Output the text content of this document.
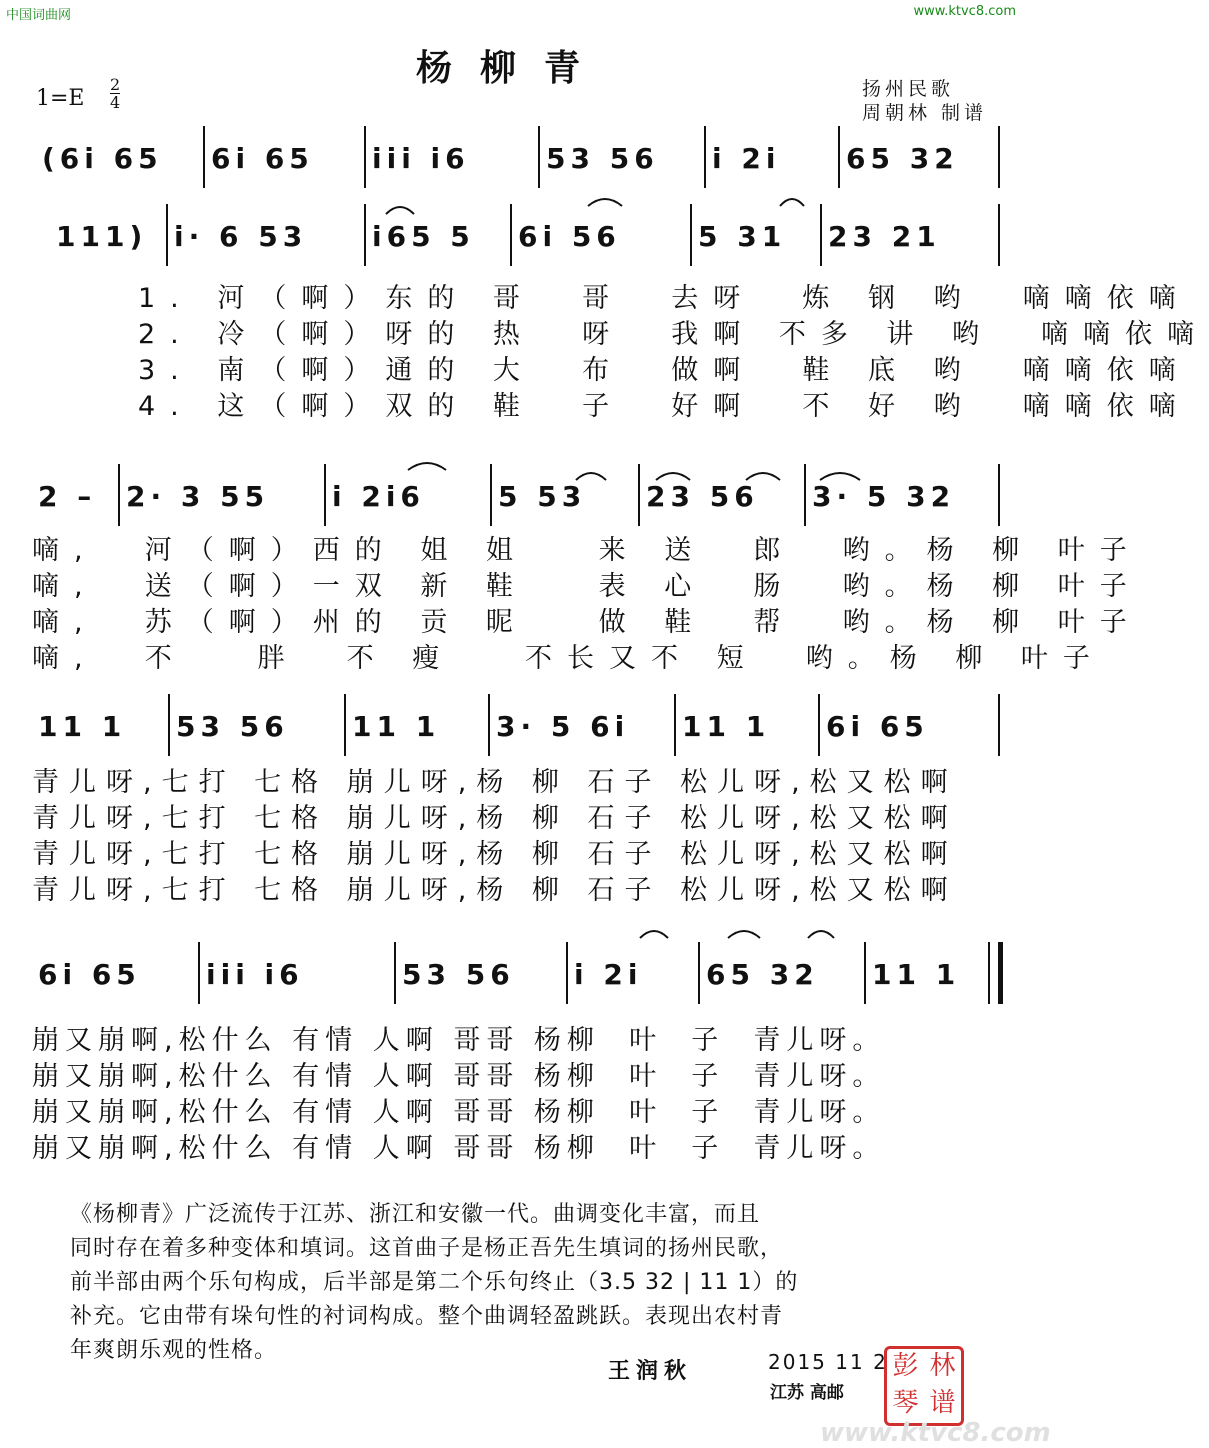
中国词曲网	www.ktvc8.com
杨柳青
1=E
2
4
扬州民歌
周朝林 制谱
(6i 65	6i 65	iii i6	53 56	i 2i	65 32
111) i· 6 53	i65 5	6i 56	5 31	23 21
2 –	2· 3 55	i 2i6	5 53	23 56	3· 5 32
11 1	53 56	11 1	3· 5 6i	11 1	6i 65
6i 65	iii i6	53 56	i 2i	65 32	11 1
1. 河（啊）东的 哥  哥  去呀  炼 钢 哟  嘀嘀依嘀
2. 冷（啊）呀的 热  呀  我啊 不多 讲 哟  嘀嘀依嘀
3. 南（啊）通的 大  布  做啊  鞋 底 哟  嘀嘀依嘀
4. 这（啊）双的 鞋  子  好啊  不 好 哟  嘀嘀依嘀
嘀,  河（啊）西的 姐 姐   来 送  郎  哟。杨 柳 叶子
嘀,  送（啊）一双 新 鞋   表 心  肠  哟。杨 柳 叶子
嘀,  苏（啊）州的 贡 昵   做 鞋  帮  哟。杨 柳 叶子
嘀,  不   胖  不 瘦   不长又不 短  哟。杨 柳 叶子
青儿呀,七打 七格 崩儿呀,杨 柳 石子 松儿呀,松又松啊
青儿呀,七打 七格 崩儿呀,杨 柳 石子 松儿呀,松又松啊
青儿呀,七打 七格 崩儿呀,杨 柳 石子 松儿呀,松又松啊
青儿呀,七打 七格 崩儿呀,杨 柳 石子 松儿呀,松又松啊
崩又崩啊,松什么 有情 人啊 哥哥 杨柳  叶  子  青儿呀。
崩又崩啊,松什么 有情 人啊 哥哥 杨柳  叶  子  青儿呀。
崩又崩啊,松什么 有情 人啊 哥哥 杨柳  叶  子  青儿呀。
崩又崩啊,松什么 有情 人啊 哥哥 杨柳  叶  子  青儿呀。
《杨柳青》广泛流传于江苏、浙江和安徽一代。曲调变化丰富，而且
同时存在着多种变体和填词。这首曲子是杨正吾先生填词的扬州民歌，
前半部由两个乐句构成，后半部是第二个乐句终止（3.5 32 | 11 1）的
补充。它由带有垛句性的衬词构成。整个曲调轻盈跳跃。表现出农村青
年爽朗乐观的性格。
王润秋	2015 11 2
江苏 高邮
彭 林
琴 谱
www.ktvc8.com
